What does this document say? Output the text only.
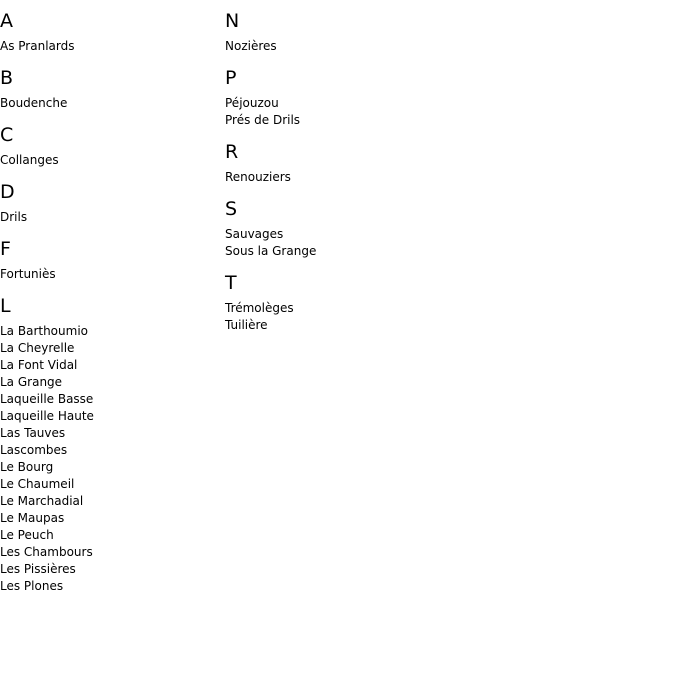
A
As Pranlards
B
Boudenche
C
Collanges
D
Drils
F
Fortuniès
L
La Barthoumio
La Cheyrelle
La Font Vidal
La Grange
Laqueille Basse
Laqueille Haute
Las Tauves
Lascombes
Le Bourg
Le Chaumeil
Le Marchadial
Le Maupas
Le Peuch
Les Chambours
Les Pissières
Les Plones
N
Nozières
P
Péjouzou
Prés de Drils
R
Renouziers
S
Sauvages
Sous la Grange
T
Trémolèges
Tuilière
